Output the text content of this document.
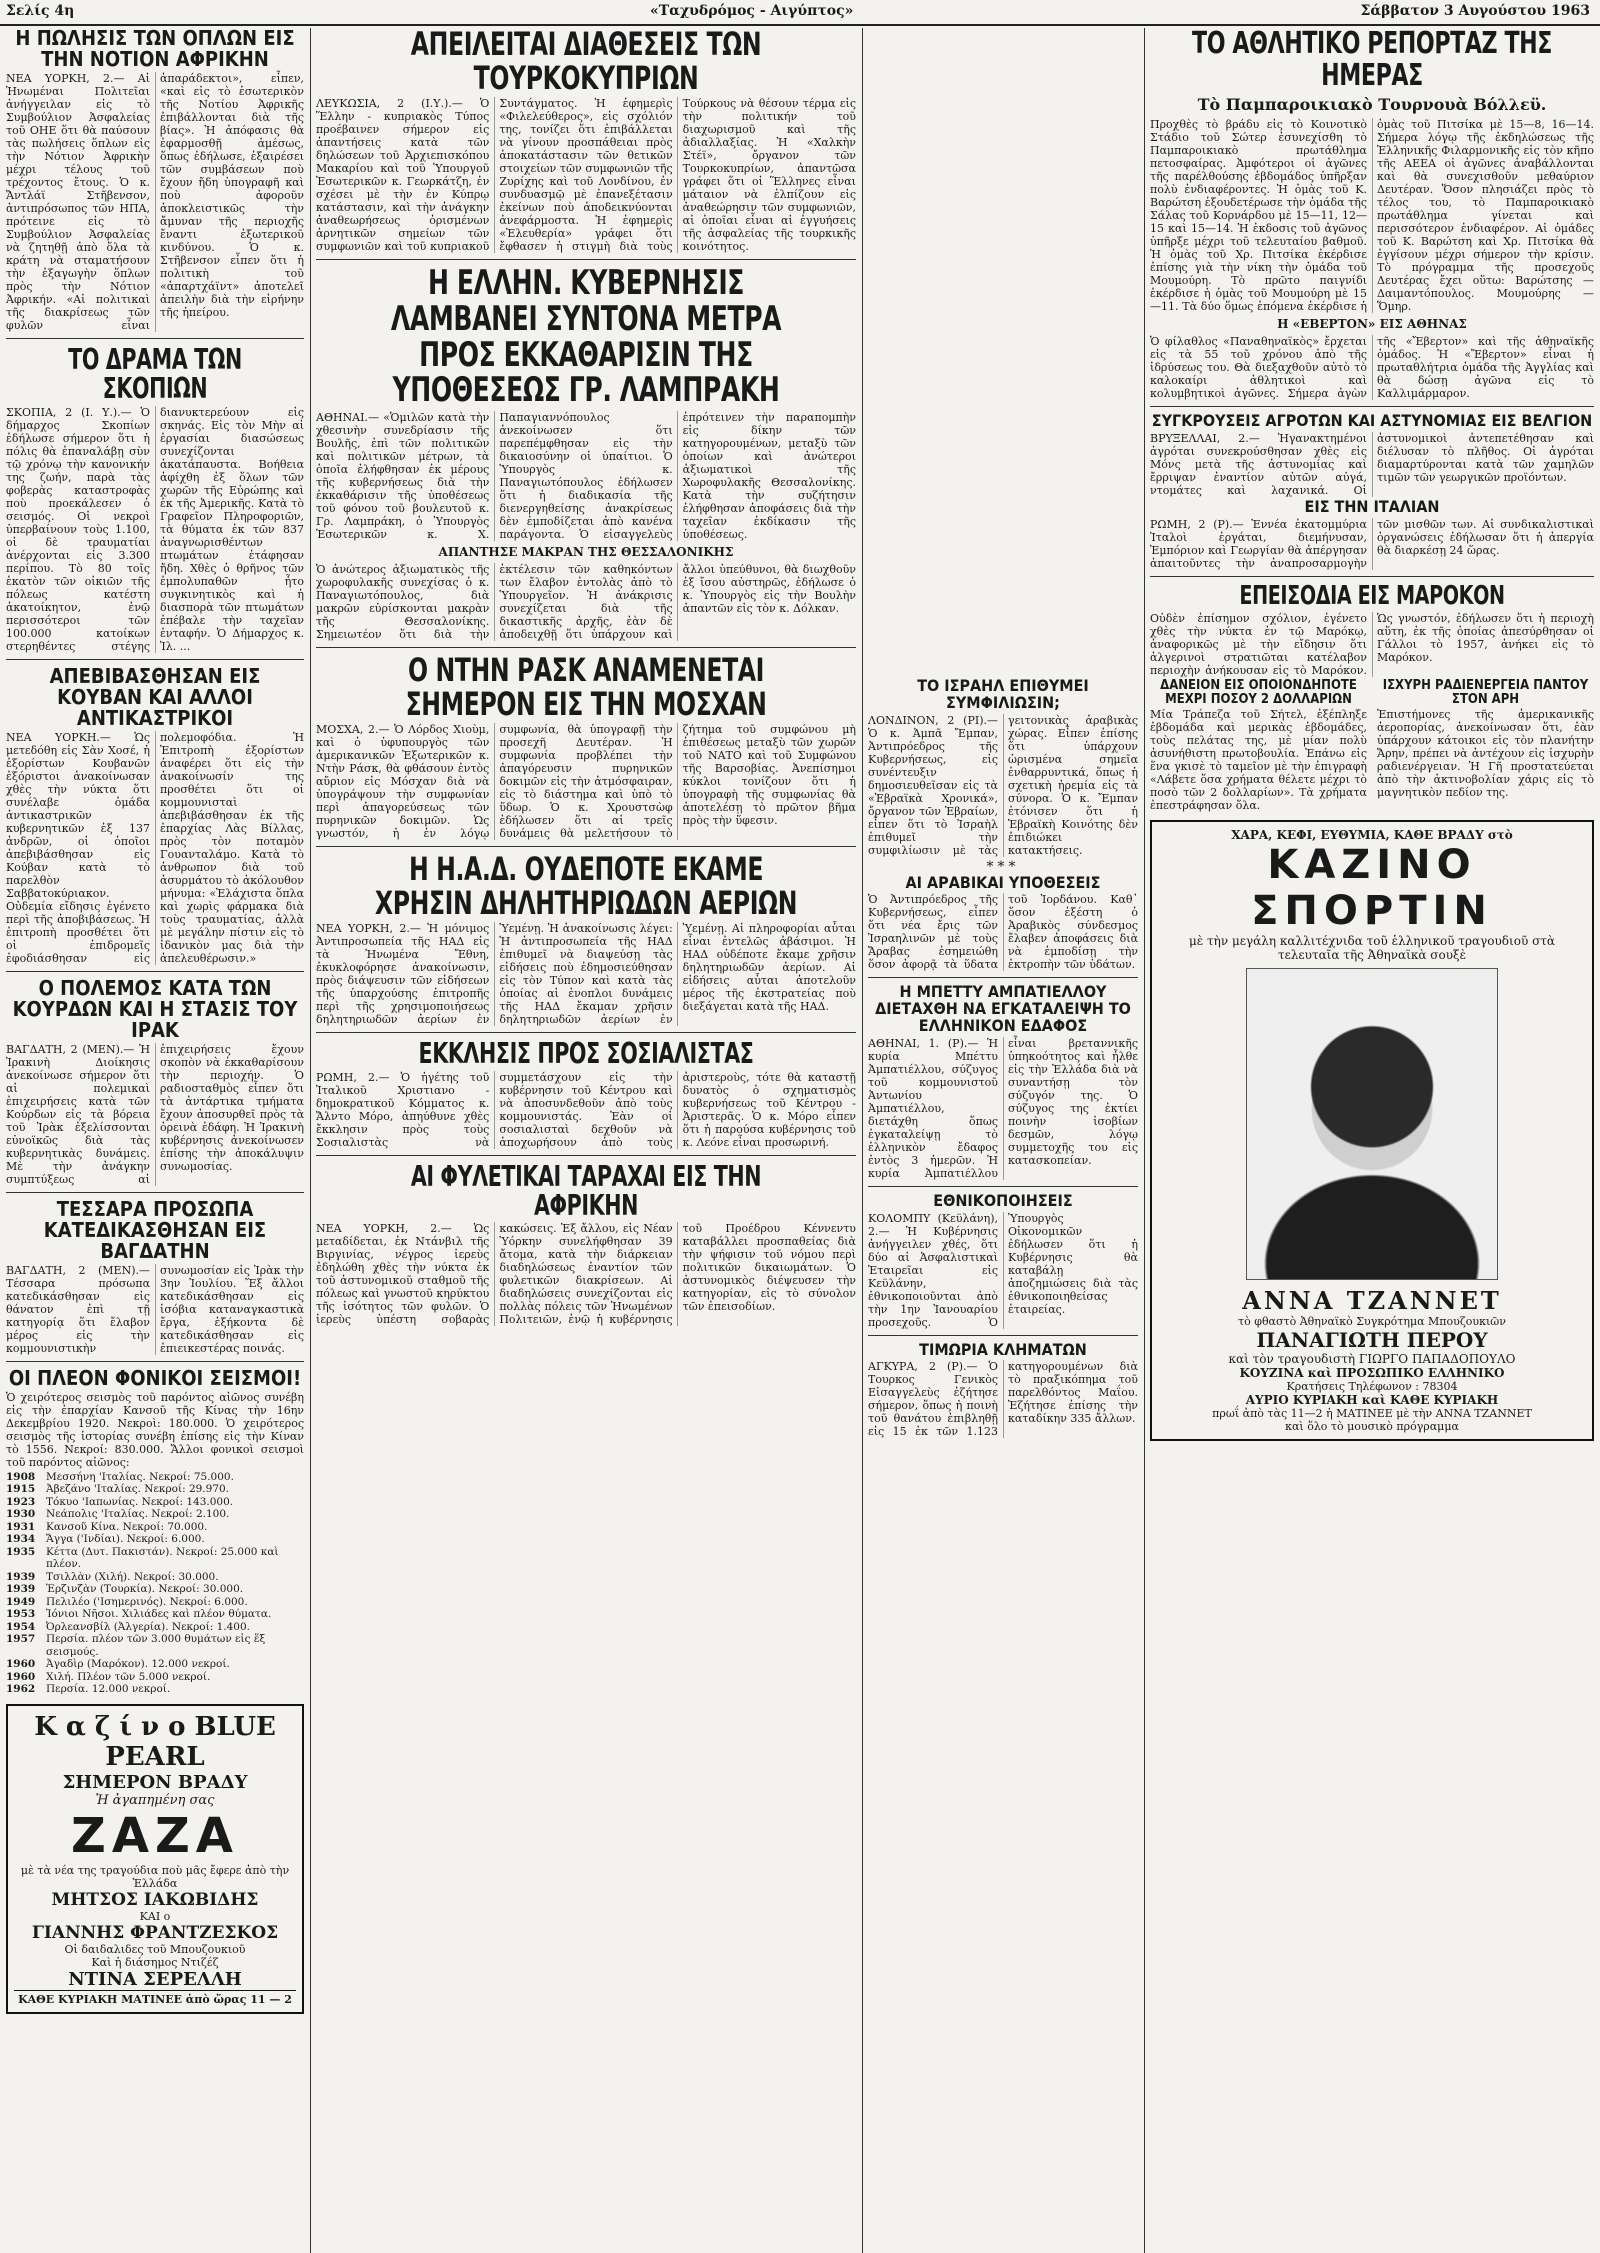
Σελίς 4η	«Ταχυδρόμος - Αιγύπτος»	Σάββατον 3 Αυγούστου 1963
Η ΠΩΛΗΣΙΣ ΤΩΝ ΟΠΛΩΝ ΕΙΣ ΤΗΝ ΝΟΤΙΟΝ ΑΦΡΙΚΗΝ

ΝΕΑ ΥΟΡΚΗ, 2.— Αἱ Ἡνωμέναι Πολιτεῖαι ἀνήγγειλαν εἰς τὸ Συμβούλιον Ἀσφαλείας τοῦ ΟΗΕ ὅτι θὰ παύσουν τὰς πωλήσεις ὅπλων εἰς τὴν Νότιον Ἀφρικὴν μέχρι τέλους τοῦ τρέχοντος ἔτους. Ὁ κ. Ἄντλάϊ Στῆβενσον, ἀντιπρόσωπος τῶν ΗΠΑ, πρότεινε εἰς τὸ Συμβούλιον Ἀσφαλείας νὰ ζητηθῇ ἀπὸ ὅλα τὰ κράτη νὰ σταματήσουν τὴν ἐξαγωγὴν ὅπλων πρὸς τὴν Νότιον Ἀφρικήν. «Αἱ πολιτικαὶ τῆς διακρίσεως τῶν φυλῶν εἶναι ἀπαράδεκτοι», εἶπεν, «καὶ εἰς τὸ ἐσωτερικὸν τῆς Νοτίου Ἀφρικῆς ἐπιβάλλονται διὰ τῆς βίας». Ἡ ἀπόφασις θὰ ἐφαρμοσθῇ ἀμέσως, ὅπως ἐδήλωσε, ἐξαιρέσει τῶν συμβάσεων ποὺ ἔχουν ἤδη ὑπογραφῆ καὶ ποὺ ἀφοροῦν ἀποκλειστικῶς τὴν ἄμυναν τῆς περιοχῆς ἔναντι ἐξωτερικοῦ κινδύνου. Ὁ κ. Στῆβενσον εἶπεν ὅτι ἡ πολιτικὴ τοῦ «ἀπαρτχάϊντ» ἀποτελεῖ ἀπειλὴν διὰ τὴν εἰρήνην τῆς ἠπείρου.

ΤΟ ΔΡΑΜΑ ΤΩΝ ΣΚΟΠΙΩΝ

ΣΚΟΠΙΑ, 2 (Ι. Υ.).— Ὁ δήμαρχος Σκοπίων ἐδήλωσε σήμερον ὅτι ἡ πόλις θὰ ἐπαναλάβῃ σὺν τῷ χρόνῳ τὴν κανονικήν της ζωήν, παρὰ τὰς φοβερὰς καταστροφὰς ποὺ προεκάλεσεν ὁ σεισμός. Οἱ νεκροὶ ὑπερβαίνουν τοὺς 1.100, οἱ δὲ τραυματίαι ἀνέρχονται εἰς 3.300 περίπου. Τὸ 80 τοῖς ἑκατὸν τῶν οἰκιῶν τῆς πόλεως κατέστη ἀκατοίκητον, ἐνῷ περισσότεροι τῶν 100.000 κατοίκων στερηθέντες στέγης διανυκτερεύουν εἰς σκηνάς. Εἰς τὸν Μὴν αἱ ἐργασίαι διασώσεως συνεχίζονται ἀκατάπαυστα. Βοήθεια ἀφίχθη ἐξ ὅλων τῶν χωρῶν τῆς Εὐρώπης καὶ ἐκ τῆς Ἀμερικῆς. Κατὰ τὸ Γραφεῖον Πληροφοριῶν, τὰ θύματα ἐκ τῶν 837 ἀναγνωρισθέντων πτωμάτων ἐτάφησαν ἤδη. Χθὲς ὁ θρῆνος τῶν ἐμπολυπαθῶν ἦτο συγκινητικὸς καὶ ἡ διασπορὰ τῶν πτωμάτων ἐπέβαλε τὴν ταχεῖαν ἐνταφήν. Ὁ Δήμαρχος κ. Ἰλ. ...

ΑΠΕΒΙΒΑΣΘΗΣΑΝ ΕΙΣ ΚΟΥΒΑΝ ΚΑΙ ΑΛΛΟΙ ΑΝΤΙΚΑΣΤΡΙΚΟΙ

ΝΕΑ ΥΟΡΚΗ.— Ὡς μετεδόθη εἰς Σὰν Χοσέ, ἡ ἐξορίστων Κουβανῶν ἐξόριστοι ἀνακοίνωσαν χθὲς τὴν νύκτα ὅτι συνέλαβε ὁμάδα ἀντικαστρικῶν κυβερνητικῶν ἐξ 137 ἀνδρῶν, οἱ ὁποῖοι ἀπεβιβάσθησαν εἰς Κούβαν κατὰ τὸ παρελθὸν Σαββατοκύριακον. Οὐδεμία εἴδησις ἐγένετο περὶ τῆς ἀποβιβάσεως. Ἡ ἐπιτροπὴ προσθέτει ὅτι οἱ ἐπιδρομεῖς ἐφοδιάσθησαν εἰς πολεμοφόδια. Ἡ Ἐπιτροπὴ ἐξορίστων ἀναφέρει ὅτι εἰς τὴν ἀνακοίνωσίν της προσθέτει ὅτι οἱ κομμουνισταὶ ἀπεβιβάσθησαν ἐκ τῆς ἐπαρχίας Λὰς Βίλλας, πρὸς τὸν ποταμὸν Γουανταλάμο. Κατὰ τὸ ἀνθρωπον διὰ τοῦ ἀσυρμάτου τὸ ἀκόλουθον μήνυμα: «Ἐλάχιστα ὅπλα καὶ χωρὶς φάρμακα διὰ τοὺς τραυματίας, ἀλλὰ μὲ μεγάλην πίστιν εἰς τὸ ἰδανικὸν μας διὰ τὴν ἀπελευθέρωσιν.»

Ο ΠΟΛΕΜΟΣ ΚΑΤΑ ΤΩΝ ΚΟΥΡΔΩΝ ΚΑΙ Η ΣΤΑΣΙΣ ΤΟΥ ΙΡΑΚ

ΒΑΓΔΑΤΗ, 2 (ΜΕΝ).— Ἡ Ἰρακινὴ Διοίκησις ἀνεκοίνωσε σήμερον ὅτι αἱ πολεμικαὶ ἐπιχειρήσεις κατὰ τῶν Κούρδων εἰς τὰ βόρεια τοῦ Ἰρὰκ ἐξελίσσονται εὐνοϊκῶς διὰ τὰς κυβερνητικὰς δυνάμεις. Μὲ τὴν ἀνάγκην συμπτύξεως αἱ ἐπιχειρήσεις ἔχουν σκοπὸν νὰ ἐκκαθαρίσουν τὴν περιοχήν. Ὁ ραδιοσταθμὸς εἶπεν ὅτι τὰ ἀντάρτικα τμήματα ἔχουν ἀποσυρθεῖ πρὸς τὰ ὀρεινὰ ἐδάφη. Ἡ Ἰρακινὴ κυβέρνησις ἀνεκοίνωσεν ἐπίσης τὴν ἀποκάλυψιν συνωμοσίας.

ΤΕΣΣΑΡΑ ΠΡΟΣΩΠΑ ΚΑΤΕΔΙΚΑΣΘΗΣΑΝ ΕΙΣ ΒΑΓΔΑΤΗΝ

ΒΑΓΔΑΤΗ, 2 (ΜΕΝ).— Τέσσαρα πρόσωπα κατεδικάσθησαν εἰς θάνατον ἐπὶ τῇ κατηγορίᾳ ὅτι ἔλαβον μέρος εἰς τὴν κομμουνιστικὴν συνωμοσίαν εἰς Ἰρὰκ τὴν 3ην Ἰουλίου. Ἕξ ἄλλοι κατεδικάσθησαν εἰς ἰσόβια καταναγκαστικὰ ἔργα, ἑξήκοντα δὲ κατεδικάσθησαν εἰς ἐπιεικεστέρας ποινάς.

ΟΙ ΠΛΕΟΝ ΦΟΝΙΚΟΙ ΣΕΙΣΜΟΙ!

Ὁ χειρότερος σεισμὸς τοῦ παρόντος αἰῶνος συνέβη εἰς τὴν ἐπαρχίαν Κανσοῦ τῆς Κίνας τὴν 16ην Δεκεμβρίου 1920. Νεκροὶ: 180.000. Ὁ χειρότερος σεισμὸς τῆς ἱστορίας συνέβη ἐπίσης εἰς τὴν Κίναν τὸ 1556. Νεκροί: 830.000. Ἄλλοι φονικοὶ σεισμοὶ τοῦ παρόντος αἰῶνος:

1908	Μεσσήνη 'Ιταλίας. Νεκροί: 75.000.
1915	Ἀβεζάνο 'Ιταλίας. Νεκροί: 29.970.
1923	Τόκυο 'Ιαπωνίας. Νεκροί: 143.000.
1930	Νεάπολις 'Ιταλίας. Νεκροί: 2.100.
1931	Κανσοῦ Κίνα. Νεκροί: 70.000.
1934	Ἄγγα ('Ινδίαι). Νεκροί: 6.000.
1935	Κέττα (Δυτ. Πακιστάν). Νεκροί: 25.000 καὶ πλέον.
1939	Τσιλλὰν (Χιλή). Νεκροί: 30.000.
1939	Ἐρζινζὰν (Τουρκία). Νεκροί: 30.000.
1949	Πελιλέο ('Ισημερινός). Νεκροί: 6.000.
1953	Ἰόνιοι Νῆσοι. Χιλιάδες καὶ πλέον θύματα.
1954	Ὀρλεανσβίλ (Ἀλγερία). Νεκροί: 1.400.
1957	Περσία. πλέον τῶν 3.000 θυμάτων εἰς ἕξ σεισμούς.
1960	Ἀγαδὶρ (Μαρόκον). 12.000 νεκροί.
1960	Χιλή. Πλέον τῶν 5.000 νεκροί.
1962	Περσία. 12.000 νεκροί.
Κ α ζ ί ν ο BLUE PEARL
ΣΗΜΕΡΟΝ ΒΡΑΔΥ
Ἡ ἀγαπημένη σας
ΖΑΖΑ
μὲ τὰ νέα της τραγούδια ποὺ μᾶς ἔφερε ἀπὸ τὴν Ἑλλάδα
ΜΗΤΣΟΣ ΙΑΚΩΒΙΔΗΣ
ΚΑΙ ο
ΓΙΑΝΝΗΣ ΦΡΑΝΤΖΕΣΚΟΣ
Οἱ δαιδαλιδες τοῦ Μπουζουκιοῦ
Καὶ ἡ διάσημος Ντιζέζ
ΝΤΙΝΑ ΣΕΡΕΛΛΗ
ΚΑΘΕ ΚΥΡΙΑΚΗ ΜΑΤΙΝΕΕ ἀπὸ ὥρας 11 — 2
ΑΠΕΙΛΕΙΤΑΙ ΔΙΑΘΕΣΕΙΣ ΤΩΝ ΤΟΥΡΚΟΚΥΠΡΙΩΝ

ΛΕΥΚΩΣΙΑ, 2 (Ι.Υ.).— Ὁ Ἕλλην - κυπριακὸς Τύπος προέβαινεν σήμερον εἰς ἀπαντήσεις κατὰ τῶν δηλώσεων τοῦ Ἀρχιεπισκόπου Μακαρίου καὶ τοῦ Ὑπουργοῦ Ἐσωτερικῶν κ. Γεωρκάτζη, ἐν σχέσει μὲ τὴν ἐν Κύπρῳ κατάστασιν, καὶ τὴν ἀνάγκην ἀναθεωρήσεως ὁρισμένων ἀρνητικῶν σημείων τῶν συμφωνιῶν καὶ τοῦ κυπριακοῦ Συντάγματος. Ἡ ἐφημερὶς «Φιλελεύθερος», εἰς σχόλιόν της, τονίζει ὅτι ἐπιβάλλεται νὰ γίνουν προσπάθειαι πρὸς ἀποκατάστασιν τῶν θετικῶν στοιχείων τῶν συμφωνιῶν τῆς Ζυρίχης καὶ τοῦ Λονδίνου, ἐν συνδυασμῷ μὲ ἐπανεξέτασιν ἐκείνων ποὺ ἀποδεικνύονται ἀνεφάρμοστα. Ἡ ἐφημερὶς «Ἐλευθερία» γράφει ὅτι ἔφθασεν ἡ στιγμὴ διὰ τοὺς Τούρκους νὰ θέσουν τέρμα εἰς τὴν πολιτικήν τοῦ διαχωρισμοῦ καὶ τῆς ἀδιαλλαξίας. Ἡ «Χαλκὴν Στέϊ», ὄργανον τῶν Τουρκοκυπρίων, ἀπαντῶσα γράφει ὅτι οἱ Ἕλληνες εἶναι μάταιον νὰ ἐλπίζουν εἰς ἀναθεώρησιν τῶν συμφωνιῶν, αἱ ὁποῖαι εἶναι αἱ ἐγγυήσεις τῆς ἀσφαλείας τῆς τουρκικῆς κοινότητος.

Η ΕΛΛΗΝ. ΚΥΒΕΡΝΗΣΙΣ ΛΑΜΒΑΝΕΙ ΣΥΝΤΟΝΑ ΜΕΤΡΑ ΠΡΟΣ ΕΚΚΑΘΑΡΙΣΙΝ ΤΗΣ ΥΠΟΘΕΣΕΩΣ ΓΡ. ΛΑΜΠΡΑΚΗ

ΑΘΗΝΑΙ.— «Ὁμιλῶν κατὰ τὴν χθεσινὴν συνεδρίασιν τῆς Βουλῆς, ἐπὶ τῶν πολιτικῶν καὶ πολιτικῶν μέτρων, τὰ ὁποῖα ἐλήφθησαν ἐκ μέρους τῆς κυβερνήσεως διὰ τὴν ἐκκαθάρισιν τῆς ὑποθέσεως τοῦ φόνου τοῦ βουλευτοῦ κ. Γρ. Λαμπράκη, ὁ Ὑπουργὸς Ἐσωτερικῶν κ. Χ. Παπαγιαννόπουλος ἀνεκοίνωσεν ὅτι παρεπέμφθησαν εἰς τὴν δικαιοσύνην οἱ ὑπαίτιοι. Ὁ Ὑπουργὸς κ. Παναγιωτόπουλος ἐδήλωσεν ὅτι ἡ διαδικασία τῆς διενεργηθείσης ἀνακρίσεως δὲν ἐμποδίζεται ἀπὸ κανένα παράγοντα. Ὁ εἰσαγγελεὺς ἐπρότεινεν τὴν παραπομπὴν εἰς δίκην τῶν κατηγορουμένων, μεταξὺ τῶν ὁποίων καὶ ἀνώτεροι ἀξιωματικοὶ τῆς Χωροφυλακῆς Θεσσαλονίκης. Κατὰ τὴν συζήτησιν ἐλήφθησαν ἀποφάσεις διὰ τὴν ταχεῖαν ἐκδίκασιν τῆς ὑποθέσεως.

ΑΠΑΝΤΗΣΕ ΜΑΚΡΑΝ ΤΗΣ ΘΕΣΣΑΛΟΝΙΚΗΣ

Ὁ ἀνώτερος ἀξιωματικὸς τῆς χωροφυλακῆς συνεχίσας ὁ κ. Παναγιωτόπουλος, διὰ μακρῶν εὑρίσκονται μακρὰν τῆς Θεσσαλονίκης. Σημειωτέον ὅτι διὰ τὴν ἐκτέλεσιν τῶν καθηκόντων των ἔλαβον ἐντολὰς ἀπὸ τὸ Ὑπουργεῖον. Ἡ ἀνάκρισις συνεχίζεται διὰ τῆς δικαστικῆς ἀρχῆς, ἐὰν δὲ ἀποδειχθῇ ὅτι ὑπάρχουν καὶ ἄλλοι ὑπεύθυνοι, θὰ διωχθοῦν ἐξ ἴσου αὐστηρῶς, ἐδήλωσε ὁ κ. Ὑπουργὸς εἰς τὴν Βουλὴν ἀπαντῶν εἰς τὸν κ. Δόλκαν.

Ο ΝΤΗΝ ΡΑΣΚ ΑΝΑΜΕΝΕΤΑΙ ΣΗΜΕΡΟΝ ΕΙΣ ΤΗΝ ΜΟΣΧΑΝ

ΜΟΣΧΑ, 2.— Ὁ Λόρδος Χιοὺμ, καὶ ὁ ὑφυπουργὸς τῶν ἀμερικανικῶν Ἐξωτερικῶν κ. Ντὴν Ράσκ, θὰ φθάσουν ἐντὸς αὔριον εἰς Μόσχαν διὰ νὰ ὑπογράψουν τὴν συμφωνίαν περὶ ἀπαγορεύσεως τῶν πυρηνικῶν δοκιμῶν. Ὡς γνωστόν, ἡ ἐν λόγῳ συμφωνία, θὰ ὑπογραφῇ τὴν προσεχῆ Δευτέραν. Ἡ συμφωνία προβλέπει τὴν ἀπαγόρευσιν πυρηνικῶν δοκιμῶν εἰς τὴν ἀτμόσφαιραν, εἰς τὸ διάστημα καὶ ὑπὸ τὸ ὕδωρ. Ὁ κ. Χρουστσὼφ ἐδήλωσεν ὅτι αἱ τρεῖς δυνάμεις θὰ μελετήσουν τὸ ζήτημα τοῦ συμφώνου μὴ ἐπιθέσεως μεταξὺ τῶν χωρῶν τοῦ ΝΑΤΟ καὶ τοῦ Συμφώνου τῆς Βαρσοβίας. Ἀνεπίσημοι κύκλοι τονίζουν ὅτι ἡ ὑπογραφὴ τῆς συμφωνίας θὰ ἀποτελέσῃ τὸ πρῶτον βῆμα πρὸς τὴν ὕφεσιν.

Η Η.Α.Δ. ΟΥΔΕΠΟΤΕ ΕΚΑΜΕ ΧΡΗΣΙΝ ΔΗΛΗΤΗΡΙΩΔΩΝ ΑΕΡΙΩΝ

ΝΕΑ ΥΟΡΚΗ, 2.— Ἡ μόνιμος Ἀντιπροσωπεία τῆς ΗΑΔ εἰς τὰ Ἡνωμένα Ἔθνη, ἐκυκλοφόρησε ἀνακοίνωσιν, πρὸς διάψευσιν τῶν εἰδήσεων τῆς ὑπαρχούσης ἐπιτροπῆς περὶ τῆς χρησιμοποιήσεως δηλητηριωδῶν ἀερίων ἐν Ὑεμένῃ. Ἡ ἀνακοίνωσις λέγει: Ἡ ἀντιπροσωπεία τῆς ΗΑΔ ἐπιθυμεῖ νὰ διαψεύσῃ τὰς εἰδήσεις ποὺ ἐδημοσιεύθησαν εἰς τὸν Τύπον καὶ κατὰ τὰς ὁποίας αἱ ἐνοπλοι δυνάμεις τῆς ΗΑΔ ἔκαμαν χρῆσιν δηλητηριωδῶν ἀερίων ἐν Ὑεμένῃ. Αἱ πληροφορίαι αὗται εἶναι ἐντελῶς ἀβάσιμοι. Ἡ ΗΑΔ οὐδέποτε ἔκαμε χρῆσιν δηλητηριωδῶν ἀερίων. Αἱ εἰδήσεις αὗται ἀποτελοῦν μέρος τῆς ἐκστρατείας ποὺ διεξάγεται κατὰ τῆς ΗΑΔ.

ΕΚΚΛΗΣΙΣ ΠΡΟΣ ΣΟΣΙΑΛΙΣΤΑΣ

ΡΩΜΗ, 2.— Ὁ ἡγέτης τοῦ Ἰταλικοῦ Χριστιανο - δημοκρατικοῦ Κόμματος κ. Ἄλντο Μόρο, ἀπηύθυνε χθὲς ἔκκλησιν πρὸς τοὺς Σοσιαλιστὰς νὰ συμμετάσχουν εἰς τὴν κυβέρνησιν τοῦ Κέντρου καὶ νὰ ἀποσυνδεθοῦν ἀπὸ τοὺς κομμουνιστάς. Ἐὰν οἱ σοσιαλισταὶ δεχθοῦν νὰ ἀποχωρήσουν ἀπὸ τοὺς ἀριστεροὺς, τότε θὰ καταστῇ δυνατὸς ὁ σχηματισμὸς κυβερνήσεως τοῦ Κέντρου - Ἀριστερᾶς. Ὁ κ. Μόρο εἶπεν ὅτι ἡ παρούσα κυβέρνησις τοῦ κ. Λεόνε εἶναι προσωρινή.

ΑΙ ΦΥΛΕΤΙΚΑΙ ΤΑΡΑΧΑΙ ΕΙΣ ΤΗΝ ΑΦΡΙΚΗΝ

ΝΕΑ ΥΟΡΚΗ, 2.— Ὡς μεταδίδεται, ἐκ Ντάνβιλ τῆς Βιργινίας, νέγρος ἱερεὺς ἐδηλώθη χθὲς τὴν νύκτα ἐκ τοῦ ἀστυνομικοῦ σταθμοῦ τῆς πόλεως καὶ γνωστοῦ κηρύκτου τῆς ἰσότητος τῶν φυλῶν. Ὁ ἱερεὺς ὑπέστη σοβαρὰς κακώσεις. Ἐξ ἄλλου, εἰς Νέαν Ὑόρκην συνελήφθησαν 39 ἄτομα, κατὰ τὴν διάρκειαν διαδηλώσεως ἐναντίον τῶν φυλετικῶν διακρίσεων. Αἱ διαδηλώσεις συνεχίζονται εἰς πολλὰς πόλεις τῶν Ἡνωμένων Πολιτειῶν, ἐνῷ ἡ κυβέρνησις τοῦ Προέδρου Κέννεντυ καταβάλλει προσπαθείας διὰ τὴν ψήφισιν τοῦ νόμου περὶ πολιτικῶν δικαιωμάτων. Ὁ ἀστυνομικὸς διέψευσεν τὴν κατηγορίαν, εἰς τὸ σύνολον τῶν ἐπεισοδίων.

ΤΟ ΙΣΡΑΗΛ ΕΠΙΘΥΜΕΙ ΣΥΜΦΙΛΙΩΣΙΝ;

ΛΟΝΔΙΝΟΝ, 2 (ΡΙ).— Ὁ κ. Ἀμπᾶ Ἔμπαν, Ἀντιπρόεδρος τῆς Κυβερνήσεως, εἰς συνέντευξιν δημοσιευθεῖσαν εἰς τὰ «Ἑβραϊκὰ Χρονικά», ὄργανον τῶν Ἑβραίων, εἶπεν ὅτι τὸ Ἰσραὴλ ἐπιθυμεῖ τὴν συμφιλίωσιν μὲ τὰς γειτονικὰς ἀραβικὰς χώρας. Εἶπεν ἐπίσης ὅτι ὑπάρχουν ὡρισμένα σημεῖα ἐνθαρρυντικά, ὅπως ἡ σχετικὴ ἠρεμία εἰς τὰ σύνορα. Ὁ κ. Ἔμπαν ἐτόνισεν ὅτι ἡ Ἑβραϊκὴ Κοινότης δὲν ἐπιδιώκει κατακτήσεις.

***
ΑΙ ΑΡΑΒΙΚΑΙ ΥΠΟΘΕΣΕΙΣ

Ὁ Ἀντιπρόεδρος τῆς Κυβερνήσεως, εἶπεν ὅτι νέα ἔρις τῶν Ἰσραηλινῶν μὲ τοὺς Ἄραβας ἐσημειώθη ὅσον ἀφορᾷ τὰ ὕδατα τοῦ Ἰορδάνου. Καθ᾽ ὅσον ἐξέστη ὁ Ἀραβικὸς σύνδεσμος ἔλαβεν ἀποφάσεις διὰ νὰ ἐμποδίσῃ τὴν ἐκτροπὴν τῶν ὑδάτων.

Η ΜΠΕΤΤΥ ΑΜΠΑΤΙΕΛΛΟΥ ΔΙΕΤΑΧΘΗ ΝΑ ΕΓΚΑΤΑΛΕΙΨΗ ΤΟ ΕΛΛΗΝΙΚΟΝ ΕΔΑΦΟΣ

ΑΘΗΝΑΙ, 1. (Ρ).— Ἡ κυρία Μπέττυ Ἀμπατιέλλου, σύζυγος τοῦ κομμουνιστοῦ Ἀντωνίου Ἀμπατιέλλου, διετάχθη ὅπως ἐγκαταλείψῃ τὸ ἑλληνικὸν ἔδαφος ἐντὸς 3 ἡμερῶν. Ἡ κυρία Ἀμπατιέλλου εἶναι βρεταννικῆς ὑπηκοότητος καὶ ἦλθε εἰς τὴν Ἑλλάδα διὰ νὰ συναντήσῃ τὸν σύζυγόν της. Ὁ σύζυγος της ἐκτίει ποινὴν ἰσοβίων δεσμῶν, λόγῳ συμμετοχῆς του εἰς κατασκοπείαν.

ΕΘΝΙΚΟΠΟΙΗΣΕΙΣ

ΚΟΛΟΜΠΥ (Κεϋλάνη), 2.— Ἡ Κυβέρνησις ἀνήγγειλεν χθές, ὅτι δύο αἱ Ἀσφαλιστικαὶ Ἑταιρεῖαι εἰς Κεϋλάνην, ἐθνικοποιοῦνται ἀπὸ τὴν 1ην Ἰανουαρίου προσεχοῦς. Ὁ Ὑπουργὸς Οἰκονομικῶν ἐδήλωσεν ὅτι ἡ Κυβέρνησις θὰ καταβάλῃ ἀποζημιώσεις διὰ τὰς ἐθνικοποιηθείσας ἑταιρείας.

ΤΙΜΩΡΙΑ ΚΛΗΜΑΤΩΝ

ΑΓΚΥΡΑ, 2 (Ρ).— Ὁ Τουρκος Γενικὸς Εἰσαγγελεὺς ἐζήτησε σήμερον, ὅπως ἡ ποινὴ τοῦ θανάτου ἐπιβληθῇ εἰς 15 ἐκ τῶν 1.123 κατηγορουμένων διὰ τὸ πραξικόπημα τοῦ παρελθόντος Μαΐου. Ἐζήτησε ἐπίσης τὴν καταδίκην 335 ἄλλων.

ΤΟ ΑΘΛΗΤΙΚΟ ΡΕΠΟΡΤΑΖ ΤΗΣ ΗΜΕΡΑΣ
Τὸ Παμπαροικιακὸ Τουρνουὰ Βόλλεϋ.

Προχθὲς τὸ βράδυ εἰς τὸ Κοινοτικὸ Στάδιο τοῦ Σώτερ ἐσυνεχίσθη τὸ Παμπαροικιακὸ πρωτάθλημα πετοσφαίρας. Ἀμφότεροι οἱ ἀγῶνες τῆς παρέλθούσης ἑβδομάδος ὑπῆρξαν πολὺ ἐνδιαφέροντες. Ἡ ὁμὰς τοῦ Κ. Βαρώτση ἐξουδετέρωσε τὴν ὁμάδα τῆς Σάλας τοῦ Κορνάρδου μὲ 15—11, 12—15 καὶ 15—14. Ἡ ἐκδοσις τοῦ ἀγῶνος ὑπῆρξε μέχρι τοῦ τελευταίου βαθμοῦ. Ἡ ὁμὰς τοῦ Χρ. Πιτσίκα ἐκέρδισε ἐπίσης γιὰ τὴν νίκη τὴν ὁμάδα τοῦ Μουμούρη. Τὸ πρῶτο παιγνίδι ἐκέρδισε ἡ ὁμὰς τοῦ Μουμούρη μὲ 15—11. Τὰ δύο ὅμως ἑπόμενα ἐκέρδισε ἡ ὁμὰς τοῦ Πιτσίκα μὲ 15—8, 16—14. Σήμερα λόγῳ τῆς ἐκδηλώσεως τῆς Ἑλληνικῆς Φιλαρμονικῆς εἰς τὸν κῆπο τῆς ΑΕΕΑ οἱ ἀγῶνες ἀναβάλλονται καὶ θὰ συνεχισθοῦν μεθαύριον Δευτέραν. Ὅσον πλησιάζει πρὸς τὸ τέλος του, τὸ Παμπαροικιακὸ πρωτάθλημα γίνεται καὶ περισσότερον ἐνδιαφέρον. Αἱ ὁμάδες τοῦ Κ. Βαρώτση καὶ Χρ. Πιτσίκα θὰ ἐγγίσουν μέχρι σήμερον τὴν κρίσιν. Τὸ πρόγραμμα τῆς προσεχοῦς Δευτέρας ἔχει οὕτω: Βαρώτσης — Δαιμαντόπουλος. Μουμούρης — Ὅμηρ.

Η «ΕΒΕΡΤΟΝ» ΕΙΣ ΑΘΗΝΑΣ

Ὁ φίλαθλος «Παναθηναϊκὸς» ἔρχεται εἰς τὰ 55 τοῦ χρόνου ἀπὸ τῆς ἱδρύσεως του. Θὰ διεξαχθοῦν αὐτὸ τὸ καλοκαίρι ἀθλητικοὶ καὶ κολυμβητικοὶ ἀγῶνες. Σήμερα ἀγὼν τῆς «Ἔβερτον» καὶ τῆς ἀθηναϊκῆς ὁμάδος. Ἡ «Ἔβερτον» εἶναι ἡ πρωταθλήτρια ὁμάδα τῆς Ἀγγλίας καὶ θὰ δώσῃ ἀγῶνα εἰς τὸ Καλλιμάρμαρον.

ΣΥΓΚΡΟΥΣΕΙΣ ΑΓΡΟΤΩΝ ΚΑΙ ΑΣΤΥΝΟΜΙΑΣ ΕΙΣ ΒΕΛΓΙΟΝ

ΒΡΥΞΕΛΛΑΙ, 2.— Ἠγανακτημένοι ἀγρόται συνεκρούσθησαν χθὲς εἰς Μόνς μετὰ τῆς ἀστυνομίας καὶ ἔρριψαν ἐναντίον αὐτῶν αὐγά, ντομάτες καὶ λαχανικά. Οἱ ἀστυνομικοὶ ἀντεπετέθησαν καὶ διέλυσαν τὸ πλῆθος. Οἱ ἀγρόται διαμαρτύρονται κατὰ τῶν χαμηλῶν τιμῶν τῶν γεωργικῶν προϊόντων.

ΕΙΣ ΤΗΝ ΙΤΑΛΙΑΝ

ΡΩΜΗ, 2 (Ρ).— Ἐννέα ἐκατομμύρια Ἰταλοὶ ἐργάται, διεμήνυσαν, Ἐμπόριον καὶ Γεωργίαν θὰ ἀπέργησαν ἀπαιτοῦντες τὴν ἀναπροσαρμογὴν τῶν μισθῶν των. Αἱ συνδικαλιστικαὶ ὀργανώσεις ἐδήλωσαν ὅτι ἡ ἀπεργία θὰ διαρκέσῃ 24 ὥρας.

ΕΠΕΙΣΟΔΙΑ ΕΙΣ ΜΑΡΟΚΟΝ

Οὐδὲν ἐπίσημον σχόλιον, ἐγένετο χθὲς τὴν νύκτα ἐν τῷ Μαρόκῳ, ἀναφορικῶς μὲ τὴν εἴδησιν ὅτι ἀλγερινοὶ στρατιῶται κατέλαβον περιοχὴν ἀνήκουσαν εἰς τὸ Μαρόκον. Ὡς γνωστόν, ἐδήλωσεν ὅτι ἡ περιοχὴ αὕτη, ἐκ τῆς ὁποίας ἀπεσύρθησαν οἱ Γάλλοι τὸ 1957, ἀνήκει εἰς τὸ Μαρόκον.

ΔΑΝΕΙΟΝ ΕΙΣ ΟΠΟΙΟΝΔΗΠΟΤΕ ΜΕΧΡΙ ΠΟΣΟΥ 2 ΔΟΛΛΑΡΙΩΝ

Μία Τράπεζα τοῦ Σήτελ, ἐξέπληξε ἑβδομάδα καὶ μερικὰς ἑβδομάδες, τοὺς πελάτας της, μὲ μίαν πολὺ ἀσυνήθιστη πρωτοβουλία. Ἐπάνω εἰς ἕνα γκισὲ τὸ ταμεῖον μὲ τὴν ἐπιγραφὴ «Λάβετε ὅσα χρήματα θέλετε μέχρι τὸ ποσὸ τῶν 2 δολλαρίων». Τὰ χρήματα ἐπεστράφησαν ὅλα.

ΙΣΧΥΡΗ ΡΑΔΙΕΝΕΡΓΕΙΑ ΠΑΝΤΟΥ ΣΤΟΝ ΑΡΗ

Ἐπιστήμονες τῆς ἀμερικανικῆς ἀεροπορίας, ἀνεκοίνωσαν ὅτι, ἐὰν ὑπάρχουν κάτοικοι εἰς τὸν πλανήτην Ἄρην, πρέπει νὰ ἀντέχουν εἰς ἰσχυρὴν ραδιενέργειαν. Ἡ Γῆ προστατεύεται ἀπὸ τὴν ἀκτινοβολίαν χάρις εἰς τὸ μαγνητικὸν πεδίον της.

ΧΑΡΑ, ΚΕΦΙ, ΕΥΘΥΜΙΑ, ΚΑΘΕ ΒΡΑΔΥ στὸ
ΚΑΖΙΝΟ ΣΠΟΡΤΙΝ
μὲ τὴν μεγάλη καλλιτέχνιδα τοῦ ἑλληνικοῦ τραγουδιοῦ στὰ τελευταῖα τῆς Ἀθηναϊκὰ σουξὲ
ΑΝΝΑ ΤΖΑΝΝΕΤ
τὸ φθαστὸ Ἀθηναϊκὸ Συγκρότημα Μπουζουκιῶν
ΠΑΝΑΓΙΩΤΗ ΠΕΡΟΥ
καὶ τὸν τραγουδιστὴ ΓΙΩΡΓΟ ΠΑΠΑΔΟΠΟΥΛΟ
ΚΟΥΖΙΝΑ καὶ ΠΡΟΣΩΠΙΚΟ ΕΛΛΗΝΙΚΟ
Κρατήσεις Τηλέφωνον : 78304
ΑΥΡΙΟ ΚΥΡΙΑΚΗ καὶ ΚΑΘΕ ΚΥΡΙΑΚΗ
πρωΐ ἀπὸ τὰς 11—2 ἡ ΜΑΤΙΝΕΕ μὲ τὴν ΑΝΝΑ ΤΖΑΝΝΕΤ
καὶ ὅλο τὸ μουσικὸ πρόγραμμα
